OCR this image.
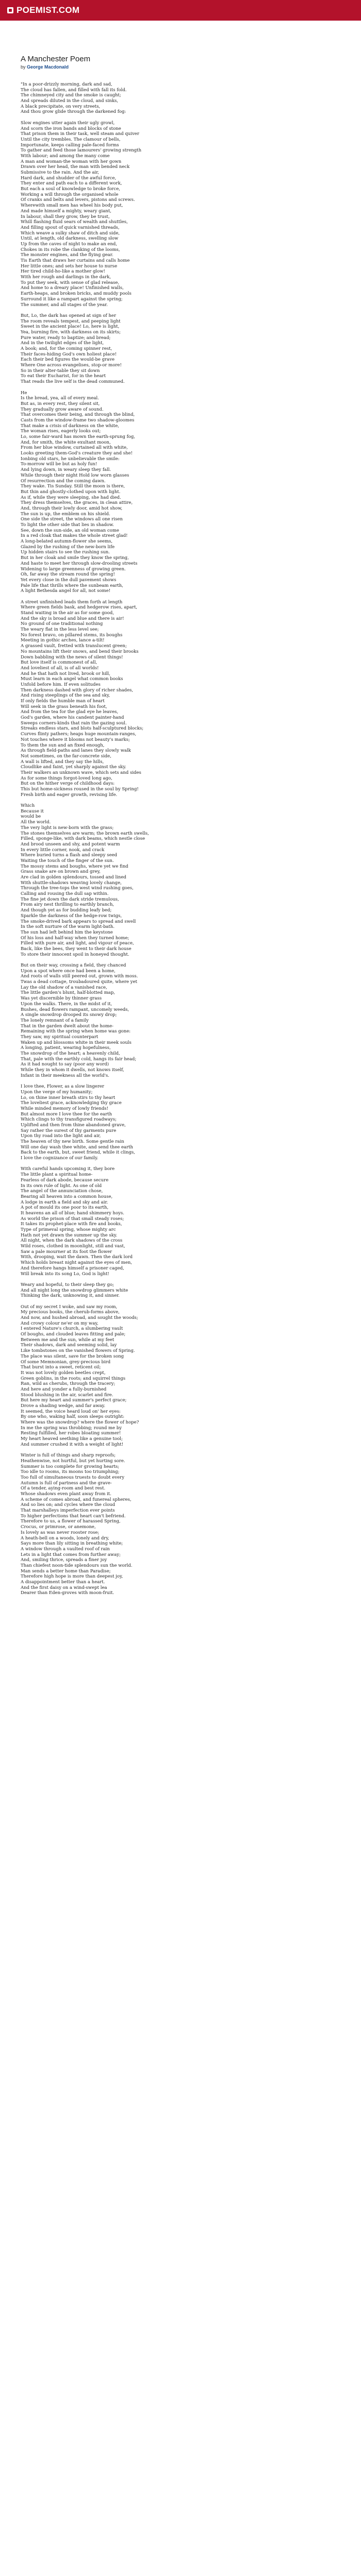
POEMIST.COM
A Manchester Poem
by George Macdonald
"In a poor-drizzly morning, dark and sad,
The cloud has fallen, and filled with fall its fold.
The chimneyed city and the smoke is caught;
And spreads diluted in the cloud, and sinks,
A black precipitate, on very streets,
And thou grow glide through the darkened fog:
Slow engines utter again their ugly growl,
And scorn the iron bands and blocks of stone
That prison them in their task, well steam and quiver
Until the city trembles. The clamour of bells,
Importunate, keeps calling pale-faced forms
To gather and feed those lamourers' growing strength
With labour; and among the many come
A man and woman-the woman with her gown
Drawn over her head, the man with bended neck
Submissive to the rain. And the air,
Hard dark, and shudder of the awful force,
They enter and path each to a different work,
But each a soul of knowledge to broke force,
Working a will through the organised whole
Of cranks and belts and levers, pistons and screws.
Wherewith small men has wheel his body put,
And made himself a mighty, weary giant,
In labour, shall they grow, they be trust,
Whill flashing fluid sears of wealth and shuttles,
And filling spout of quick varnished threads,
Which weave a sulky shaw of ditch and side,
Until, at length, old darkness, swelling slow
Up from the caves of night to make an end,
Chokes in its robe the clanking of the looms,
The monster engines, and the flying gear.
Tis Earth that draws her curtains and calls home
Her little ones; and sets her house to nurse
Her tired child-ho-like a mother glow!
With her rough and darlings in the dark,
To put they seek, with sense of glad release,
And home to a dreary place! Unfinished walls,
Earth-heaps, and broken bricks, and muddy pools
Surround it like a rampart against the spring;
The summer, and all stages of the year.
But, Lo, the dark has opened at sign of her
The room reveals tempest, and peeping light
Sweet in the ancient place! Lo, here is light,
Yea, burning fire, with darkness on its skirts;
Pure water, ready to baptize; and bread;
And in the twilight edges of the light,
A book; and, for the coming spinner rest,
Their faces-hiding God's own holiest place!
Each their bed figures the would-be grave
Where One across evangelises, stop-or more!
So in their alter-table they sit down
To eat their Eucharist, for in the heart
That reads the live self is the dead communed.
He
Is the bread, yea, all of every meal.
But as, in every rest, they silent sit,
They gradually grow aware of sound.
That overcomes their being, and through the blind,
Casts from the window-frame two shadow-gloomes
That make a crisis of darkness on the white,
The woman rises, eagerly looks out;
Lo, some fair-ward has mown the earth-sprung fog,
And, for smith, the white exultant moon,
From her blue window, curtained all with white,
Looks greeting them-God's creature they and she!
Ionbing old stars, he unbelievable the smile:
To-morrow will be but as holy fun!
And lying down, in weary sleep they fall.
While through their night Hold low worn glasses
Of resurrection and the coming dawn.
They wake. Tis Sunday. Still the moon is there,
But thin and ghostly-clothed upon with light.
As if, while they were sleeping, she had died.
They dress themselves, the graces, in clean attire,
And, through their lowly door, amid hot show,
The sun is up, the emblem on his shield.
One side the street, the windows all one risen
To light the other side that lies in shadow.
See, down the sun-side, an old woman come
In a red cloak that makes the whole street glad!
A long-belated autumn-flower she seems,
Glazed by the rushing of the new-born life
Up hidden stairs to see the rushing sun.
But in her cloak and smile they know the spring,
And haste to meet her through slow-drooling streets
Widening to large greenness of growing green.
Oh, far away the stream round the spring!
Yet every close in the dull pavement shows
Pale life that thrills where the sunbeam earth,
A light Bethesda angel for all, not some!
A street unfinished leads them forth at length
Where green fields bask, and hedgerow rises, apart,
Stand waiting in the air as for some good,
And the sky is broad and blue and there is air!
No ground of one traditional nothing
The weary flat in the less level see;
No forest bravo, on pillared stems, its boughs
Meeting in gothic arches, lance a-tilt!
A grassed vault, fretted with translucent green;
No mountains lift their snows, and bend their brooks
Down babbling with the news of silent things!
But love itself is commonest of all,
And loveliest of all, is of all worlds!
And he that hath not lived, brook or hill,
Must learn in each angel what common books
Unfold before him. If even solitudes
Then darkness dashed with glory of richer shades,
And rising steeplings of the sea and sky,
If only fields the humble man of heart
Will seek in the grass beneath his foot,
And from the tea for the glad eye he leaves,
God's garden, where his candent painter-hand
Sweeps corners-kinds that rain the gazing soul.
Streaks endless stars, and blots half-sculptured blocks;
Curves flinty pathers; heaps huge mountain-ranges,
Not touches where it blooms not beauty's marks;
To them the sun and an fixed enough,
As through field-paths and lanes they slowly walk
Not sometimes, on the far-concrete side,
A wall is lifted, and they say the hills,
Cloudlike and faint, yet sharply against the sky.
Their walkers an unknown wave, which sets and sides
As for some things forgot-loved long ago,
But on the hither verge of childhood days:
This but home-sickness roused in the soul by Spring!
Fresh birth and eager growth, revising life.
Which
Because it
would be
All the world.
The very light is new-born with the grass;
The stones themselves are warm; the brown earth swells,
Filled, sponge-like, with dark beams, which nestle close
And brood unseen and shy, and potent warm
In every little corner, nook, and crack
Where buried turns a flash and sleepy seed
Waiting the touch of the finger of the sun.
The mossy stems and boughs, where yet we find
Grass snake are on brown and grey,
Are clad in golden splendours, tossed and lined
With shuttle-shadows weaving lovely change,
Through the tree-tops the west wind rushing goes,
Calling and rousing the dull sap within.
The fine jet down the dark stride tremulous,
From airy nest thrilling to earthly branch,
And though yet as for budding leafy bed;
Sparkle the darkness of the hedge-row twigs,
The smoke-drived bark appears to spread and swell
In the soft nurture of the warm light-bath.
The sun had left behind him the keystone
Of his loss and half-way when they turned home;
Filled with pure air, and light, and vigour of peace,
Back, like the bees, they went to their dark house
To store their innocent spoil in honeyed thought.
But on their way, crossing a field, they chanced
Upon a spot where once had been a home,
And roots of walls still peered out, grown with moss.
Twas a dead cottage, troubadoured quite, where yet
Lay the old shadow of a vanished race,
The little garden's blunt, half-blotted map,
Was yet discernible by thinner grass
Upon the walks. There, in the midst of it,
Bushes, dead flowers rampant, uncomely weeds,
A single snowdrop drooped its snowy drop;
The lonely remnant of a family
That in the garden dwelt about the home-
Remaining with the spring when home was gone:
They saw, my spiritual counterpart
Waken up and blossoms white in their meek souls
A longing, patient, wearing hopefulness,
The snowdrop of the heart; a heavenly child,
That, pale with the earthly cold, hangs its fair head;
As it had nought to say (poor any word)
While they in whom it dwells, not knows itself,
Infant in their meekness all the world's.
I love thee, Flower, as a slow lingerer
Upon the verge of my humanity;
Lo, on thine inner breath stirs to thy heart
The loveliest grace, acknowledging thy grace
While minded memory of lowly friends!
But almost more I love thee for the earth
Which clings to thy transfigured roadways;
Uplifted and then from thine abandoned grave,
Say rather the surest of thy garments pure
Upon thy road into the light and air,
The heaven of thy new birth. Some gentle rain
Will one day wash thee white, and send thee earth
Back to the earth, but, sweet friend, while it clings,
I love the cognizance of our family.
With careful hands upcoming it, they bore
The little plant a spiritual home-
Fearless of dark abode, because secure
In its own rule of light. As one of old
The angel of the annunciation chose,
Bearing all heaven into a common house,
A lodge in earth a field and sky and air.
A pot of mould its one poor to its earth,
It heavens an all of blue; hand shimmery hoys.
As world the prison of that small steady roses;
It takes its prophet-place with fire and books,
Type of primeval spring, whose mighty arc
Hath not yet drawn the summer up the sky.
All night, when the dark shadows of the cross
Wild roses, clothed in moonlight, still and vast,
Saw a pale mourner at its foot the flower
With, drooping, wait the dawn. Then the dark lord
Which holds breast night against the eyes of men,
And therefore hangs himself a prisoner caged,
Will break into its song Lo, God is light!
Weary and hopeful, to their sleep they go;
And all night long the snowdrop glimmers white
Thinking the dark, unknowing it, and sinner.
Out of my secret I woke, and saw my room,
My precious books, the cherub-forms above,
And now, and hushed abroad, and sought the woods;
And crowy colour ne'er on my way,
I entered Nature's church, a slumbering vault
Of boughs, and clouded leaves fitting and pale;
Between me and the sun, while at my feet
Their shadows, dark and seeming solid, lay
Like tombstones on the vanished flowers of Spring.
The place was silent, save for the broken song
Of some Memnonian, grey-precious bird
That burst into a sweet, reticent oil;
It was not lovely golden beetles crept,
Green goblins, in the roots; and squirrel things
Ran, wild as cherubs, through the tracery;
And here and yonder a fully-burnished
Stood blushing in the air, scarlet and fire.
But here my heart and summer's perfect grace;
Drove a shading wedge, and far away.
It seemed, the voice heard loud on' her eyes:
By one who, waking half, soon sleeps outright:
Where was the snowdrop? where the flower of hope?
In me the spring was throbbing; round me by
Resting fulfilled, her robes bloating summer!
My heart heaved seething like a genuine tool;
And summer crushed it with a weight of light!
Winter is full of things and sharp reproofs;
Heathenwise, not hurtful, but yet hurting sore.
Summer is too complete for growing hearts;
Too idle to rooms, its moons too triumphing;
Too full of simultaneous truests to doubt every
Autumn is full of partness and the grave-
Of a tender, aying-room and best rest.
Whose shadows even plant away from it.
A scheme of comes abroad, and funereal spheres,
And so lies on; and cycles where the cloud
That marshalleys imperfection ever points
To higher perfections that heart can't befriend.
Therefore to us, a flower of harassed Spring,
Crocus, or primrose, or anemone,
Is lovely as was never rooster rose;
A heath-bell on a woods, lonely and dry,
Says more than lily sitting in breathing white;
A window through a vaulted roof of rain
Lets in a light that comes from further away;
And, smiling thrice, spreads a finer joy
Than chiefest noon-tide splendours sun the world.
Man sends a better home than Paradise;
Therefore high hope is more than deepest joy,
A disappointment better than a heart.
And the first daisy on a wind-swept lea
Dearer than Eden-groves with moon-fruit.
